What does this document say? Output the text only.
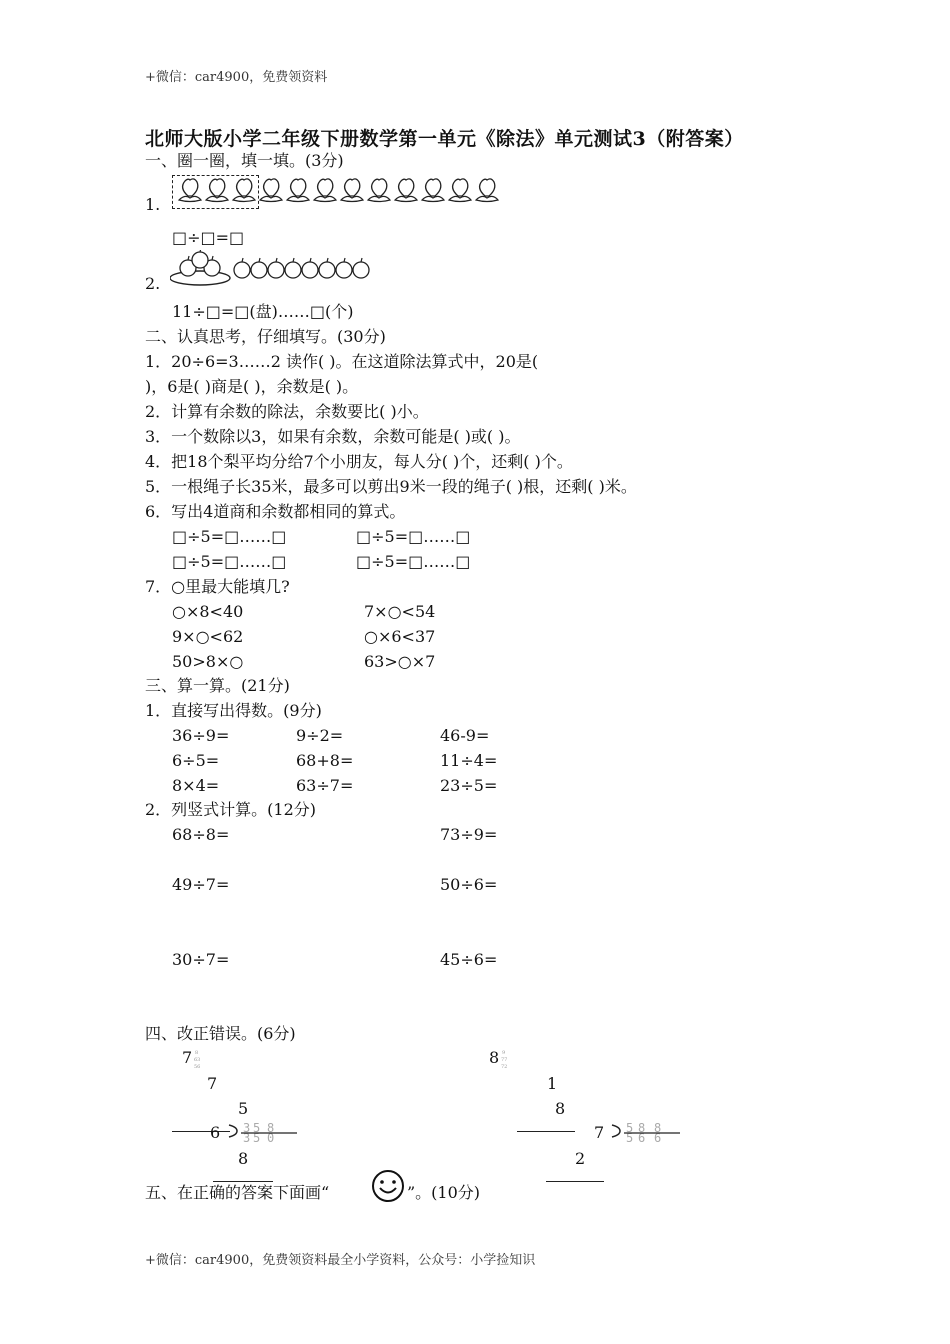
+微信：car4900，免费领资料
北师大版小学二年级下册数学第一单元《除法》单元测试3（附答案）
一、圈一圈，填一填。(3分)
1.
□÷□=□
2.
11÷□=□(盘)……□(个)
二、认真思考，仔细填写。(30分)
1．20÷6=3……2 读作( )。在这道除法算式中，20是(
)，6是( )商是( )，余数是( )。
2．计算有余数的除法，余数要比( )小。
3．一个数除以3，如果有余数，余数可能是( )或( )。
4．把18个梨平均分给7个小朋友，每人分( )个，还剩( )个。
5．一根绳子长35米，最多可以剪出9米一段的绳子( )根，还剩( )米。
6．写出4道商和余数都相同的算式。
□÷5=□……□	□÷5=□……□
□÷5=□……□	□÷5=□……□
7．○里最大能填几?
○×8<40	7×○<54
9×○<62	○×6<37
50>8×○	63>○×7
三、算一算。(21分)
1．直接写出得数。(9分)
36÷9=	9÷2=	46-9=
6÷5=	68+8=	11÷4=
8×4=	63÷7=	23÷5=
2．列竖式计算。(12分)
68÷8=	73÷9=
49÷7=	50÷6=
30÷7=	45÷6=
四、改正错误。(6分)
7 8
63
56
7
5
6 3 5 8
3 5 0
8
8 9
77
72
1
8
7 5 8 8
5 6 6
2
五、在正确的答案下面画“	”。(10分)
+微信：car4900，免费领资料最全小学资料，公众号：小学捡知识
